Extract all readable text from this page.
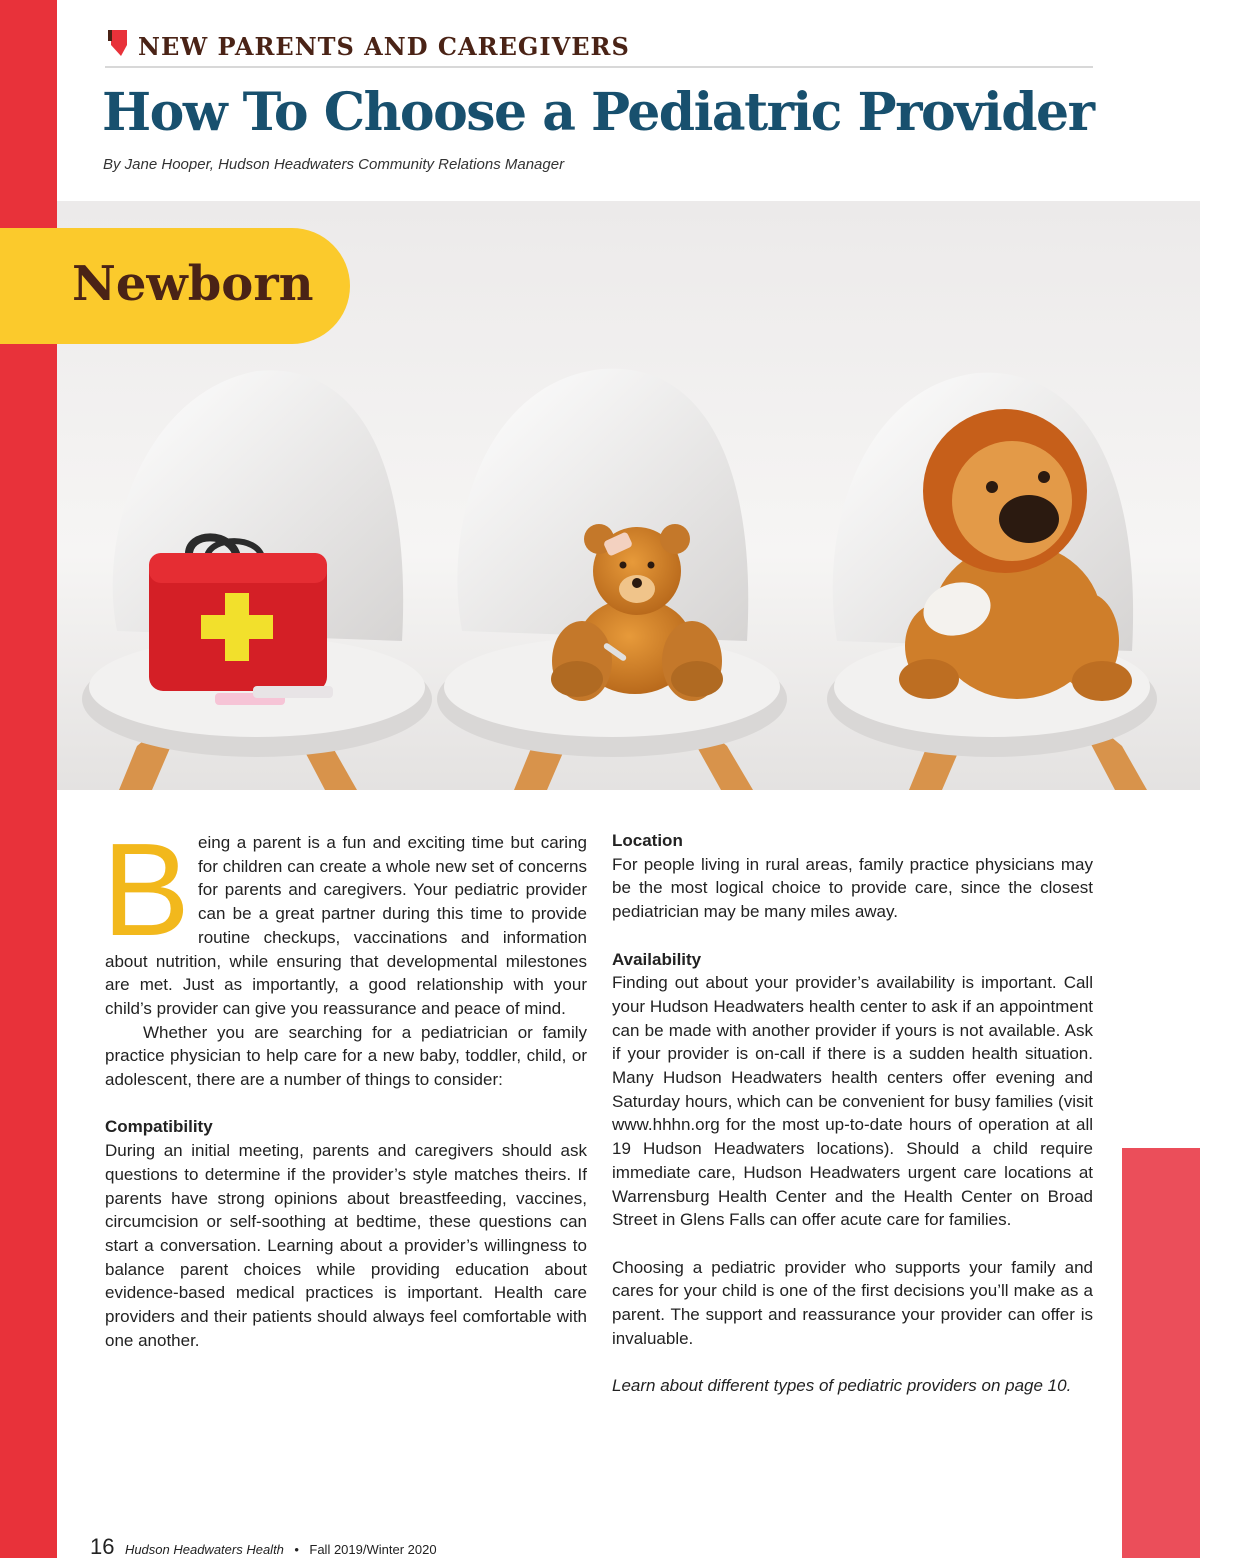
NEW PARENTS AND CAREGIVERS
How To Choose a Pediatric Provider
By Jane Hooper, Hudson Headwaters Community Relations Manager
Photo by @exclusive-design / Adobe Stock
Newborn

Being a parent is a fun and exciting time but caring for children can create a whole new set of concerns for parents and caregivers. Your pediatric provider can be a great partner during this time to provide routine checkups, vaccinations and information about nutrition, while ensuring that developmental milestones are met. Just as importantly, a good relationship with your child’s provider can give you reassurance and peace of mind.

Whether you are searching for a pediatrician or family practice physician to help care for a new baby, toddler, child, or adolescent, there are a number of things to consider:

Compatibility

During an initial meeting, parents and caregivers should ask questions to determine if the provider’s style matches theirs. If parents have strong opinions about breastfeeding, vaccines, circumcision or self-soothing at bedtime, these questions can start a conversation. Learning about a provider’s willingness to balance parent choices while providing education about evidence-based medical practices is important. Health care providers and their patients should always feel comfortable with one another.

Location

For people living in rural areas, family practice physicians may be the most logical choice to provide care, since the closest pediatrician may be many miles away.

Availability

Finding out about your provider’s availability is important. Call your Hudson Headwaters health center to ask if an appointment can be made with another provider if yours is not available. Ask if your provider is on-call if there is a sudden health situation. Many Hudson Headwaters health centers offer evening and Saturday hours, which can be convenient for busy families (visit www.hhhn.org for the most up-to-date hours of operation at all 19 Hudson Headwaters locations). Should a child require immediate care, Hudson Headwaters urgent care locations at Warrensburg Health Center and the Health Center on Broad Street in Glens Falls can offer acute care for families.

Choosing a pediatric provider who supports your family and cares for your child is one of the first decisions you’ll make as a parent. The support and reassurance your provider can offer is invaluable.

Learn about different types of pediatric providers on page 10.

16 Hudson Headwaters Health • Fall 2019/Winter 2020
